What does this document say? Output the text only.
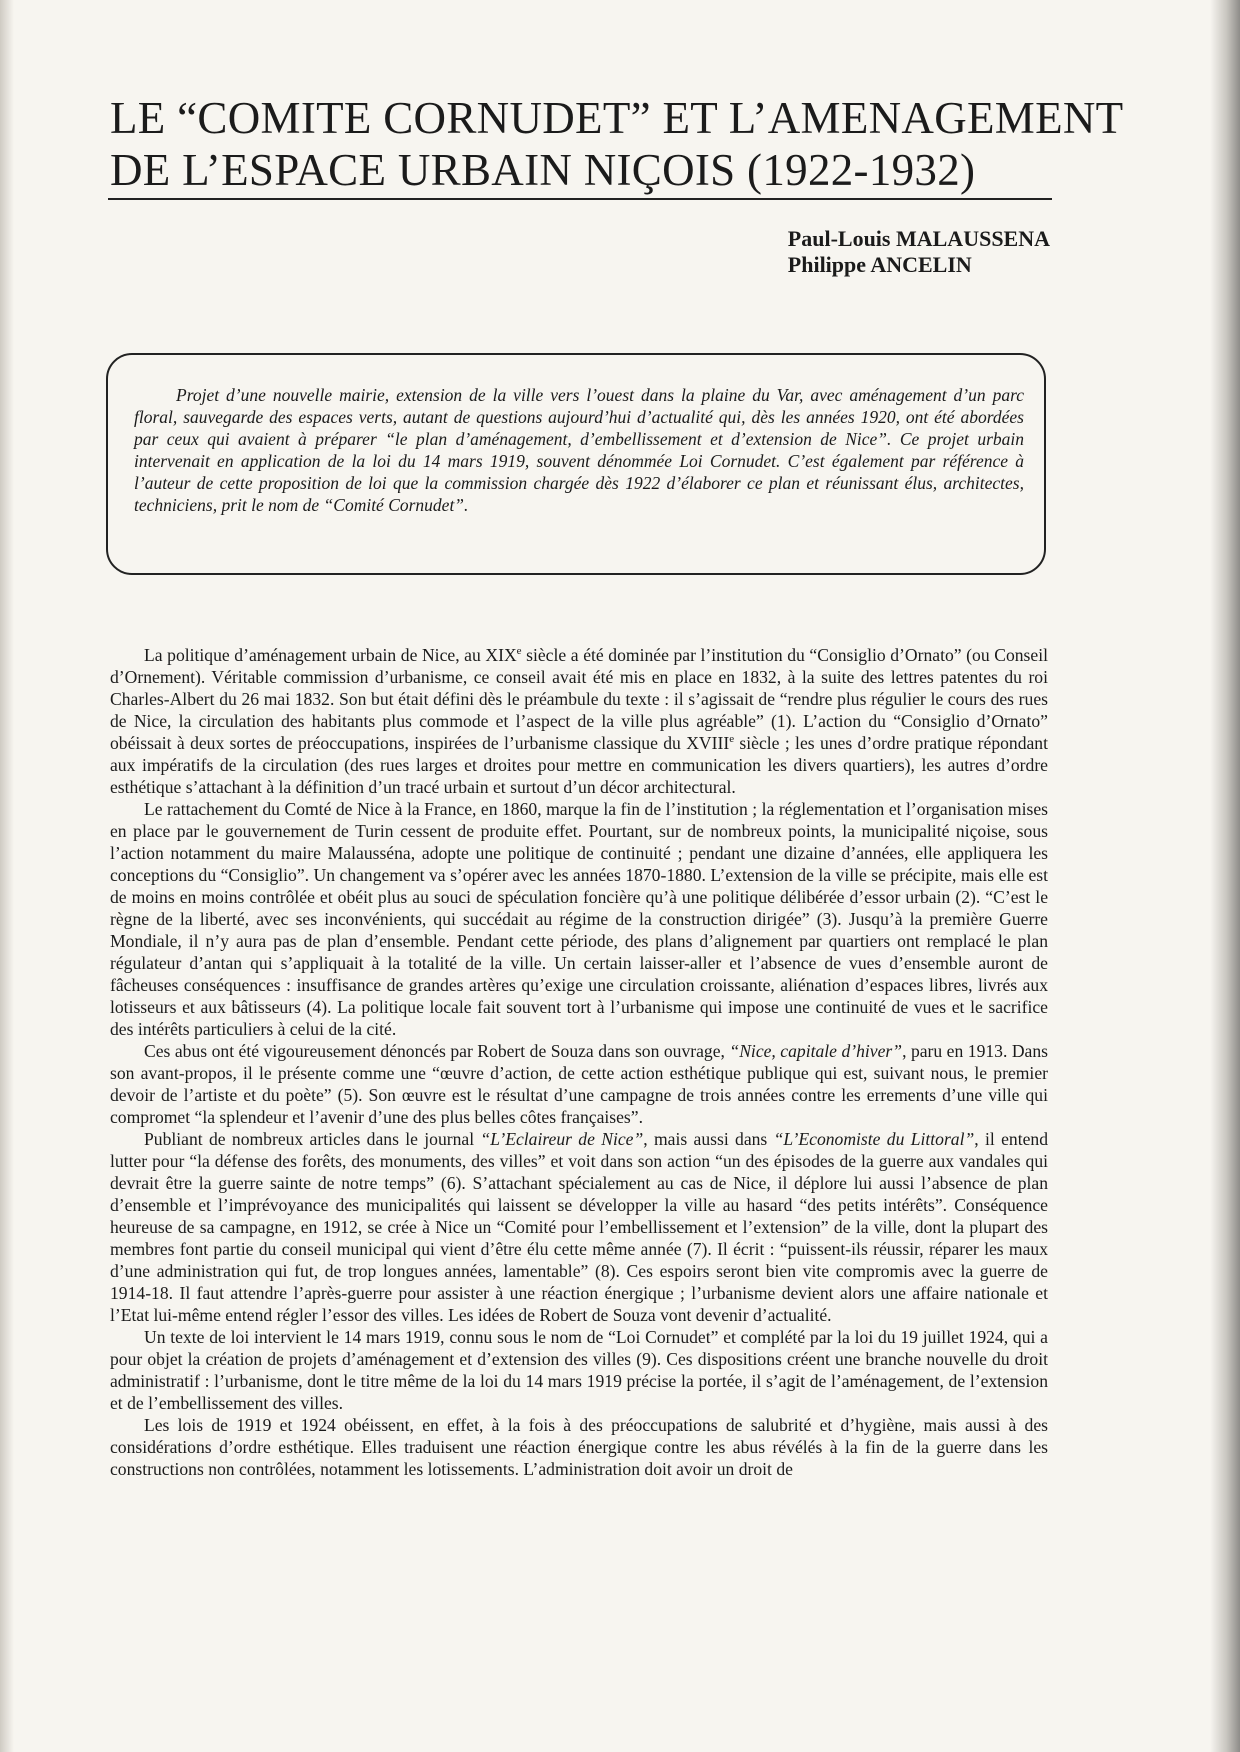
LE “COMITE CORNUDET” ET L’AMENAGEMENT
DE L’ESPACE URBAIN NIÇOIS (1922-1932)
Paul-Louis MALAUSSENA
Philippe ANCELIN

Projet d’une nouvelle mairie, extension de la ville vers l’ouest dans la plaine du Var, avec aménagement d’un parc floral, sauvegarde des espaces verts, autant de questions aujourd’hui d’actualité qui, dès les années 1920, ont été abordées par ceux qui avaient à préparer “le plan d’aménagement, d’embellissement et d’extension de Nice”. Ce projet urbain intervenait en application de la loi du 14 mars 1919, souvent dénommée Loi Cornudet. C’est également par référence à l’auteur de cette proposition de loi que la commission chargée dès 1922 d’élaborer ce plan et réunissant élus, architectes, techniciens, prit le nom de “Comité Cornudet”.

La politique d’aménagement urbain de Nice, au XIXe siècle a été dominée par l’institution du “Consiglio d’Ornato” (ou Conseil d’Ornement). Véritable commission d’urbanisme, ce conseil avait été mis en place en 1832, à la suite des lettres patentes du roi Charles-Albert du 26 mai 1832. Son but était défini dès le préambule du texte : il s’agissait de “rendre plus régulier le cours des rues de Nice, la circulation des habitants plus commode et l’aspect de la ville plus agréable” (1). L’action du “Consiglio d’Ornato” obéissait à deux sortes de préoccupations, inspirées de l’urbanisme classique du XVIIIe siècle ; les unes d’ordre pratique répondant aux impératifs de la circulation (des rues larges et droites pour mettre en communication les divers quartiers), les autres d’ordre esthétique s’attachant à la définition d’un tracé urbain et surtout d’un décor architectural.

Le rattachement du Comté de Nice à la France, en 1860, marque la fin de l’institution ; la réglementation et l’organisation mises en place par le gouvernement de Turin cessent de produite effet. Pourtant, sur de nombreux points, la municipalité niçoise, sous l’action notamment du maire Malausséna, adopte une politique de continuité ; pendant une dizaine d’années, elle appliquera les conceptions du “Consiglio”. Un changement va s’opérer avec les années 1870-1880. L’extension de la ville se précipite, mais elle est de moins en moins contrôlée et obéit plus au souci de spéculation foncière qu’à une politique délibérée d’essor urbain (2). “C’est le règne de la liberté, avec ses inconvénients, qui succédait au régime de la construction dirigée” (3). Jusqu’à la première Guerre Mondiale, il n’y aura pas de plan d’ensemble. Pendant cette période, des plans d’alignement par quartiers ont remplacé le plan régulateur d’antan qui s’appliquait à la totalité de la ville. Un certain laisser-aller et l’absence de vues d’ensemble auront de fâcheuses conséquences : insuffisance de grandes artères qu’exige une circulation croissante, aliénation d’espaces libres, livrés aux lotisseurs et aux bâtisseurs (4). La politique locale fait souvent tort à l’urbanisme qui impose une continuité de vues et le sacrifice des intérêts particuliers à celui de la cité.

Ces abus ont été vigoureusement dénoncés par Robert de Souza dans son ouvrage, “Nice, capitale d’hiver”, paru en 1913. Dans son avant-propos, il le présente comme une “œuvre d’action, de cette action esthétique publique qui est, suivant nous, le premier devoir de l’artiste et du poète” (5). Son œuvre est le résultat d’une campagne de trois années contre les errements d’une ville qui compromet “la splendeur et l’avenir d’une des plus belles côtes françaises”.

Publiant de nombreux articles dans le journal “L’Eclaireur de Nice”, mais aussi dans “L’Economiste du Littoral”, il entend lutter pour “la défense des forêts, des monuments, des villes” et voit dans son action “un des épisodes de la guerre aux vandales qui devrait être la guerre sainte de notre temps” (6). S’attachant spécialement au cas de Nice, il déplore lui aussi l’absence de plan d’ensemble et l’imprévoyance des municipalités qui laissent se développer la ville au hasard “des petits intérêts”. Conséquence heureuse de sa campagne, en 1912, se crée à Nice un “Comité pour l’embellissement et l’extension” de la ville, dont la plupart des membres font partie du conseil municipal qui vient d’être élu cette même année (7). Il écrit : “puissent-ils réussir, réparer les maux d’une administration qui fut, de trop longues années, lamentable” (8). Ces espoirs seront bien vite compromis avec la guerre de 1914-18. Il faut attendre l’après-guerre pour assister à une réaction énergique ; l’urbanisme devient alors une affaire nationale et l’Etat lui-même entend régler l’essor des villes. Les idées de Robert de Souza vont devenir d’actualité.

Un texte de loi intervient le 14 mars 1919, connu sous le nom de “Loi Cornudet” et complété par la loi du 19 juillet 1924, qui a pour objet la création de projets d’aménagement et d’extension des villes (9). Ces dispositions créent une branche nouvelle du droit administratif : l’urbanisme, dont le titre même de la loi du 14 mars 1919 précise la portée, il s’agit de l’aménagement, de l’extension et de l’embellissement des villes.

Les lois de 1919 et 1924 obéissent, en effet, à la fois à des préoccupations de salubrité et d’hygiène, mais aussi à des considérations d’ordre esthétique. Elles traduisent une réaction énergique contre les abus révélés à la fin de la guerre dans les constructions non contrôlées, notamment les lotissements. L’administration doit avoir un droit de
